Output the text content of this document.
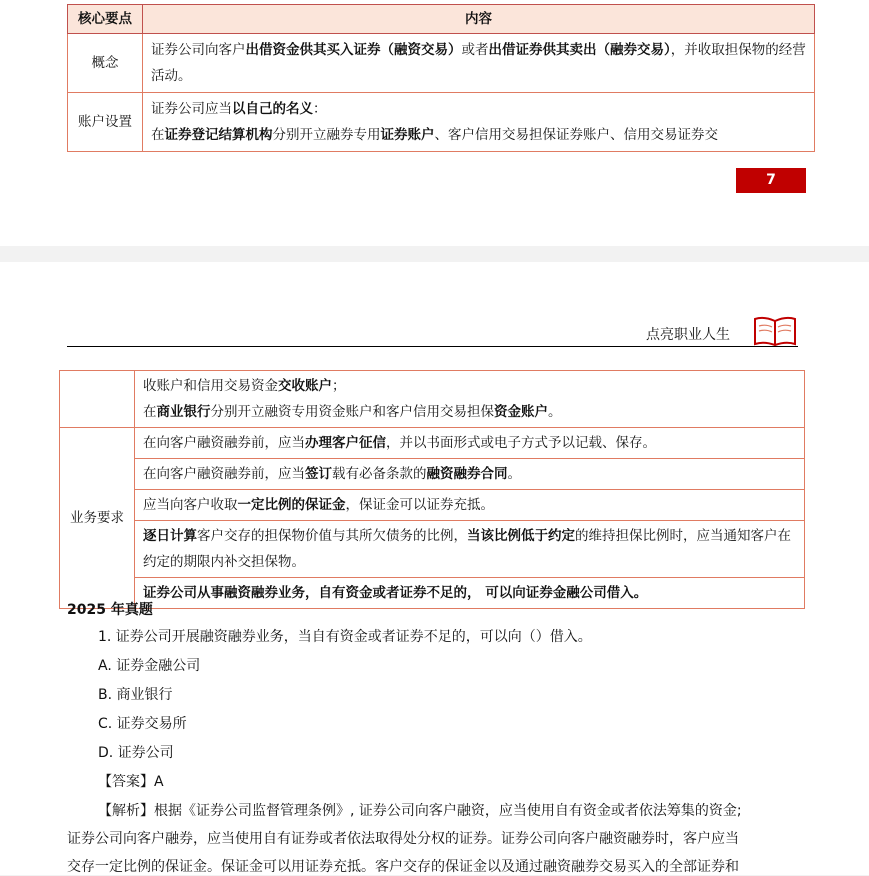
核心要点	内容
概念	证券公司向客户出借资金供其买入证券（融资交易）或者出借证券供其卖出（融券交易），并收取担保物的经营活动。
账户设置	证券公司应当以自己的名义：
在证券登记结算机构分别开立融券专用证券账户、客户信用交易担保证券账户、信用交易证券交
7
点亮职业人生

	收账户和信用交易资金交收账户；
在商业银行分别开立融资专用资金账户和客户信用交易担保资金账户。

业务要求	在向客户融资融券前，应当办理客户征信，并以书面形式或电子方式予以记载、保存。
	在向客户融资融券前，应当签订载有必备条款的融资融券合同。
	应当向客户收取一定比例的保证金，保证金可以证券充抵。
	逐日计算客户交存的担保物价值与其所欠债务的比例，当该比例低于约定的维持担保比例时，应当通知客户在约定的期限内补交担保物。
	证券公司从事融资融券业务，自有资金或者证券不足的， 可以向证券金融公司借入。
2025 年真题
1. 证券公司开展融资融券业务，当自有资金或者证券不足的，可以向（）借入。
A. 证券金融公司
B. 商业银行
C. 证券交易所
D. 证券公司
【答案】A
【解析】根据《证券公司监督管理条例》, 证券公司向客户融资，应当使用自有资金或者依法筹集的资金;
证券公司向客户融券，应当使用自有证券或者依法取得处分权的证券。证券公司向客户融资融券时，客户应当
交存一定比例的保证金。保证金可以用证券充抵。客户交存的保证金以及通过融资融券交易买入的全部证券和
